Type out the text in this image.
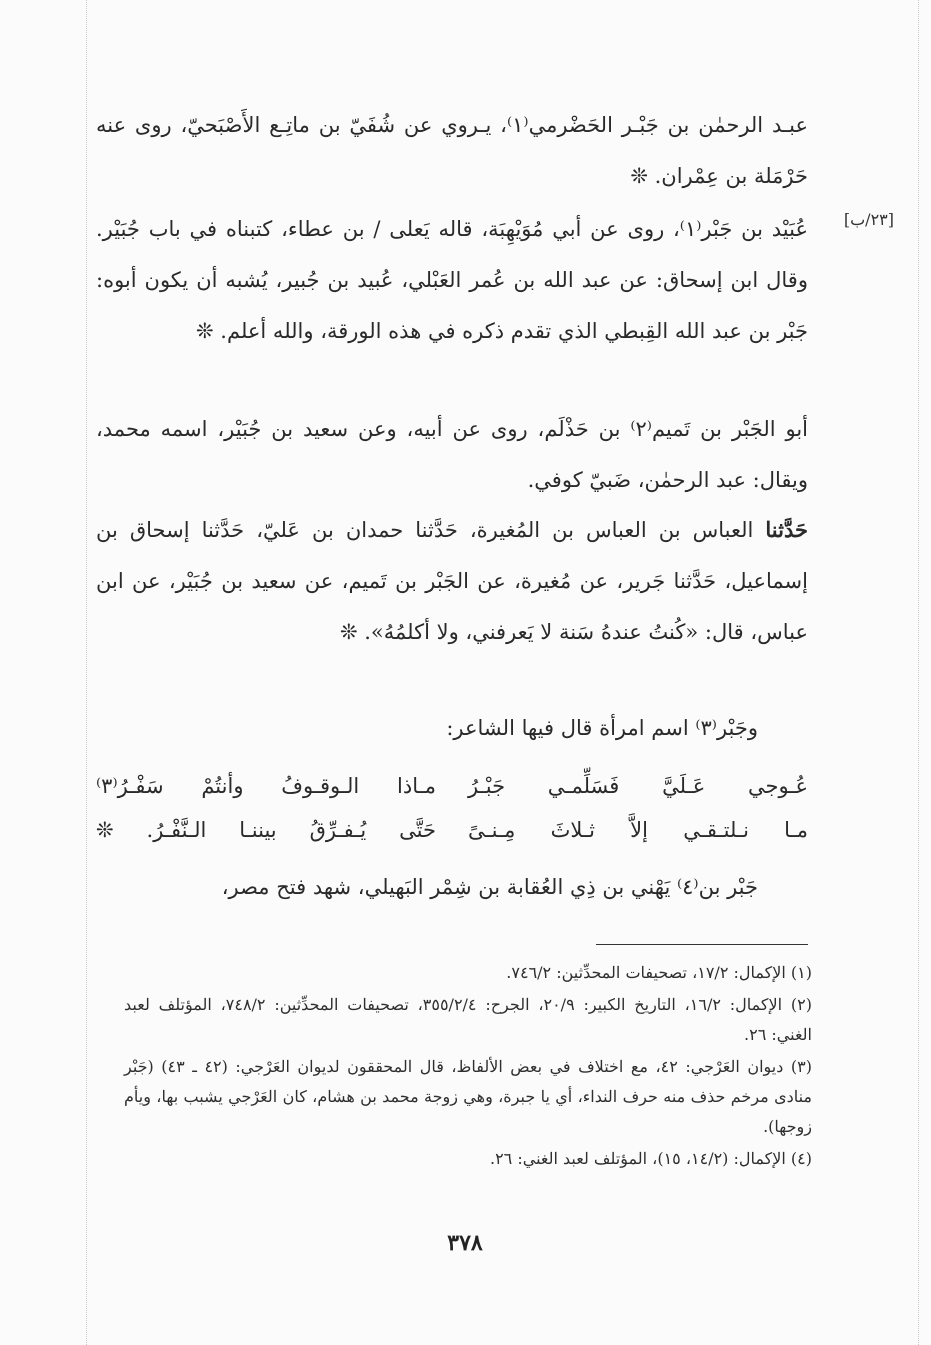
[٢٣/ب]

عبـد الرحمٰن بن جَبْـر الحَضْرمي⁽١⁾، يـروي عن شُفَيّ بن ماتِـع الأَصْبَحيّ، روى عنه حَرْمَلة بن عِمْران. ❊

عُبَيْد بن جَبْر⁽١⁾، روى عن أبي مُوَيْهِبَة، قاله يَعلى / بن عطاء، كتبناه في باب جُبَيْر. وقال ابن إسحاق: عن عبد الله بن عُمر العَبْلي، عُبيد بن جُبير، يُشبه أن يكون أبوه: جَبْر بن عبد الله القِبطي الذي تقدم ذكره في هذه الورقة، والله أعلم. ❊

أبو الجَبْر بن تَميم⁽٢⁾ بن حَذْلَم، روى عن أبيه، وعن سعيد بن جُبَيْر، اسمه محمد، ويقال: عبد الرحمٰن، ضَبيّ كوفي.

حَدَّثنا العباس بن العباس بن المُغيرة، حَدَّثنا حمدان بن عَليّ، حَدَّثنا إسحاق بن إسماعيل، حَدَّثنا جَرير، عن مُغيرة، عن الجَبْر بن تَميم، عن سعيد بن جُبَيْر، عن ابن عباس، قال: «كُنتُ عندهُ سَنة لا يَعرفني، ولا أكلمُهُ». ❊

وجَبْر⁽٣⁾ اسم امرأة قال فيها الشاعر:

عُـوجي عَـلَيَّ فَسَلِّمـي جَبْـرُ
مـاذا الـوقـوفُ وأنتُمْ سَفْـرُ⁽٣⁾
مـا نـلتـقـي إلاَّ ثـلاثَ مِـنـىً
حَتَّى يُـفـرِّقُ بيننـا الـنَّفْـرُ. ❊

جَبْر بن⁽٤⁾ يَهْني بن ذِي العُقابة بن شِمْر البَهيلي، شهد فتح مصر،

(١) الإكمال: ١٧/٢، تصحيفات المحدِّثين: ٧٤٦/٢.

(٢) الإكمال: ١٦/٢، التاريخ الكبير: ٢٠/٩، الجرح: ٣٥٥/٢/٤، تصحيفات المحدِّثين: ٧٤٨/٢، المؤتلف لعبد الغني: ٢٦.

(٣) ديوان العَرْجي: ٤٢، مع اختلاف في بعض الألفاظ، قال المحققون لديوان العَرْجي: (٤٢ ـ ٤٣) (جَبْر منادى مرخم حذف منه حرف النداء، أي يا جبرة، وهي زوجة محمد بن هشام، كان العَرْجي يشبب بها، ويأم زوجها).

(٤) الإكمال: (١٤/٢، ١٥)، المؤتلف لعبد الغني: ٢٦.

٣٧٨
